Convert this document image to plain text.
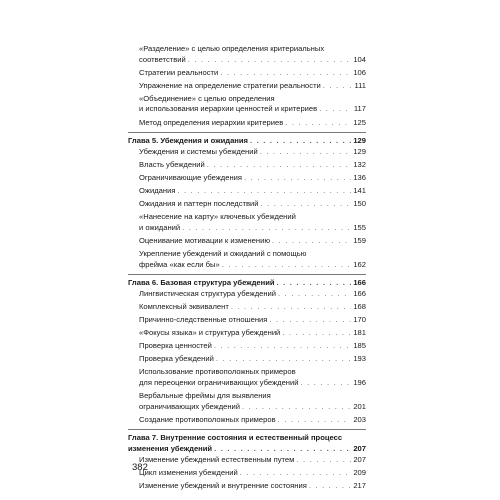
«Разделение» с целью определения критериальных
соответствий . . .	104
Стратегии реальности . . .	106
Упражнение на определение стратегии реальности . . .	111
«Объединение» с целью определения
и использования иерархии ценностей и критериев . . .	117
Метод определения иерархии критериев . . .	125
Глава 5. Убеждения и ожидания . . .	129
Убеждения и системы убеждений . . .	129
Власть убеждений . . .	132
Ограничивающие убеждения . . .	136
Ожидания . . .	141
Ожидания и паттерн последствий . . .	150
«Нанесение на карту» ключевых убеждений
и ожиданий . . .	155
Оценивание мотивации к изменению . . .	159
Укрепление убеждений и ожиданий с помощью
фрейма «как если бы» . . .	162
Глава 6. Базовая структура убеждений . . .	166
Лингвистическая структура убеждений . . .	166
Комплексный эквивалент . . .	168
Причинно-следственные отношения . . .	170
«Фокусы языка» и структура убеждений . . .	181
Проверка ценностей . . .	185
Проверка убеждений . . .	193
Использование противоположных примеров
для переоценки ограничивающих убеждений . . .	196
Вербальные фреймы для выявления
ограничивающих убеждений . . .	201
Создание противоположных примеров . . .	203
Глава 7. Внутренние состояния и естественный процесс
изменения убеждений . . .	207
Изменение убеждений естественным путем . . .	207
Цикл изменения убеждений . . .	209
Изменение убеждений и внутренние состояния . . .	217
382
